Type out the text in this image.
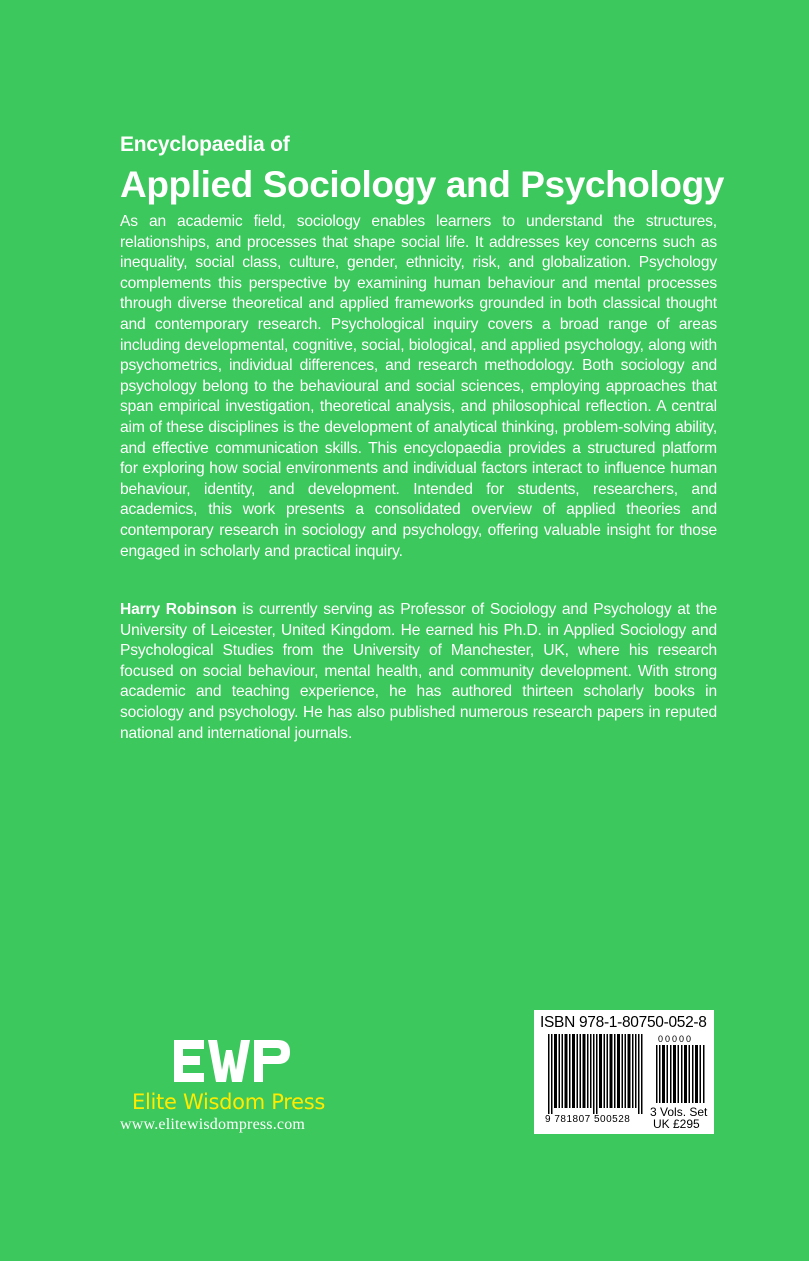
Encyclopaedia of
Applied Sociology and Psychology

As an academic field, sociology enables learners to understand the structures, relationships, and processes that shape social life. It addresses key concerns such as inequality, social class, culture, gender, ethnicity, risk, and globalization. Psychology complements this perspective by examining human behaviour and mental processes through diverse theoretical and applied frameworks grounded in both classical thought and contemporary research. Psychological inquiry covers a broad range of areas including developmental, cognitive, social, biological, and applied psychology, along with psychometrics, individual differences, and research methodology. Both sociology and psychology belong to the behavioural and social sciences, employing approaches that span empirical investigation, theoretical analysis, and philosophical reflection. A central aim of these disciplines is the development of analytical thinking, problem-solving ability, and effective communication skills. This encyclopaedia provides a structured platform for exploring how social environments and individual factors interact to influence human behaviour, identity, and development. Intended for students, researchers, and academics, this work presents a consolidated overview of applied theories and contemporary research in sociology and psychology, offering valuable insight for those engaged in scholarly and practical inquiry.

Harry Robinson is currently serving as Professor of Sociology and Psychology at the University of Leicester, United Kingdom. He earned his Ph.D. in Applied Sociology and Psychological Studies from the University of Manchester, UK, where his research focused on social behaviour, mental health, and community development. With strong academic and teaching experience, he has authored thirteen scholarly books in sociology and psychology. He has also published numerous research papers in reputed national and international journals.

Elite Wisdom Press
www.elitewisdompress.com
ISBN 978-1-80750-052-8
00000
9 781807 500528
3 Vols. Set
UK £295
